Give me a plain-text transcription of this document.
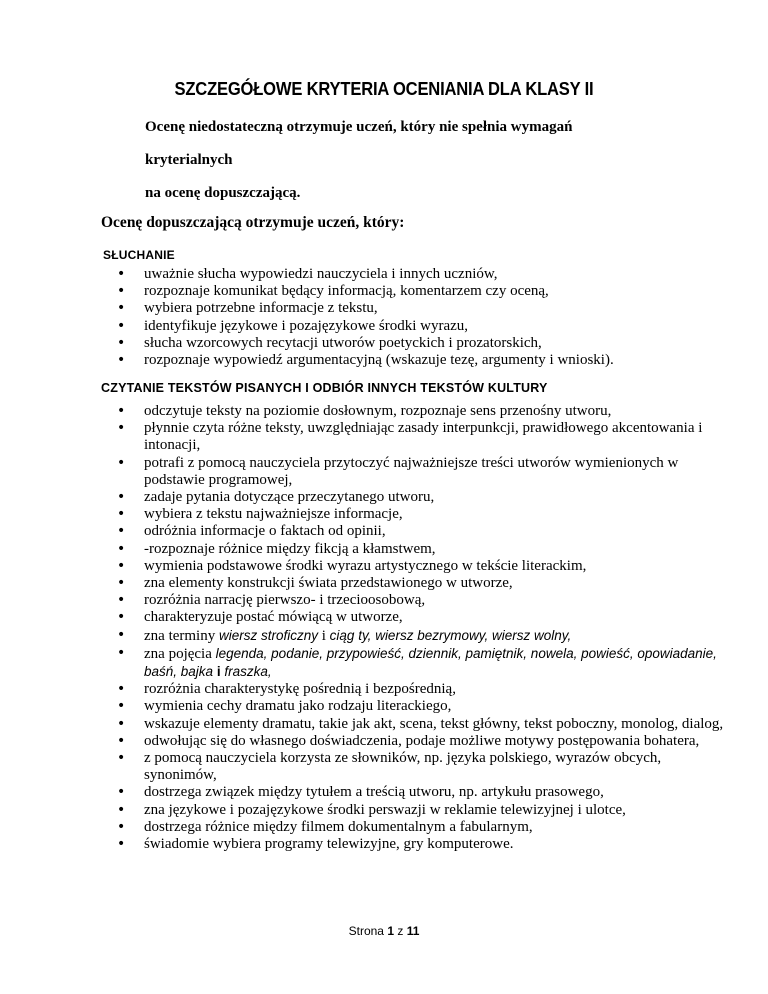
SZCZEGÓŁOWE KRYTERIA OCENIANIA DLA KLASY II
Ocenę niedostateczną otrzymuje uczeń, który nie spełnia wymagań
kryterialnych
na ocenę dopuszczającą.
Ocenę dopuszczającą otrzymuje uczeń, który:
SŁUCHANIE
• uważnie słucha wypowiedzi nauczyciela i innych uczniów,
• rozpoznaje komunikat będący informacją, komentarzem czy oceną,
• wybiera potrzebne informacje z tekstu,
• identyfikuje językowe i pozajęzykowe środki wyrazu,
• słucha wzorcowych recytacji utworów poetyckich i prozatorskich,
• rozpoznaje wypowiedź argumentacyjną (wskazuje tezę, argumenty i wnioski).
CZYTANIE TEKSTÓW PISANYCH I ODBIÓR INNYCH TEKSTÓW KULTURY
• odczytuje teksty na poziomie dosłownym, rozpoznaje sens przenośny utworu,
• płynnie czyta różne teksty, uwzględniając zasady interpunkcji, prawidłowego akcentowania i intonacji,
• potrafi z pomocą nauczyciela przytoczyć najważniejsze treści utworów wymienionych w podstawie programowej,
• zadaje pytania dotyczące przeczytanego utworu,
• wybiera z tekstu najważniejsze informacje,
• odróżnia informacje o faktach od opinii,
• -rozpoznaje różnice między fikcją a kłamstwem,
• wymienia podstawowe środki wyrazu artystycznego w tekście literackim,
• zna elementy konstrukcji świata przedstawionego w utworze,
• rozróżnia narrację pierwszo- i trzecioosobową,
• charakteryzuje postać mówiącą w utworze,
• zna terminy wiersz stroficzny i ciąg ty, wiersz bezrymowy, wiersz wolny,
• zna pojęcia legenda, podanie, przypowieść, dziennik, pamiętnik, nowela, powieść, opowiadanie, baśń, bajka i fraszka,
• rozróżnia charakterystykę pośrednią i bezpośrednią,
• wymienia cechy dramatu jako rodzaju literackiego,
• wskazuje elementy dramatu, takie jak akt, scena, tekst główny, tekst poboczny, monolog, dialog,
• odwołując się do własnego doświadczenia, podaje możliwe motywy postępowania bohatera,
• z pomocą nauczyciela korzysta ze słowników, np. języka polskiego, wyrazów obcych, synonimów,
• dostrzega związek między tytułem a treścią utworu, np. artykułu prasowego,
• zna językowe i pozajęzykowe środki perswazji w reklamie telewizyjnej i ulotce,
• dostrzega różnice między filmem dokumentalnym a fabularnym,
• świadomie wybiera programy telewizyjne, gry komputerowe.
Strona 1 z 11
